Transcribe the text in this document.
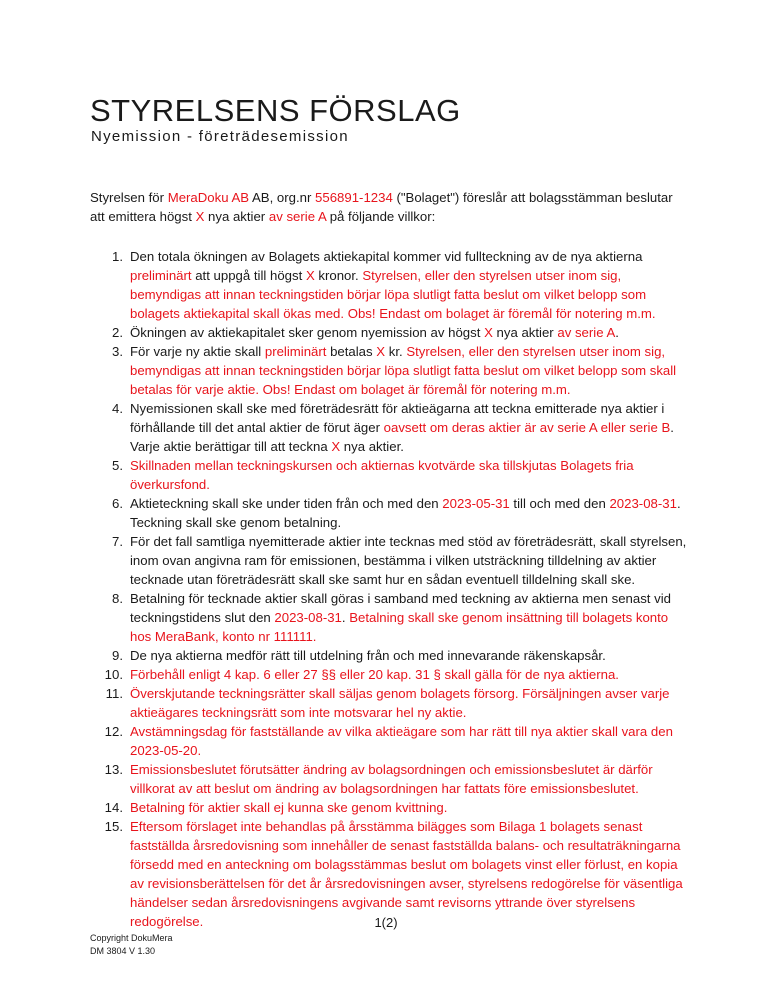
STYRELSENS FÖRSLAG
Nyemission - företrädesemission

Styrelsen för MeraDoku AB AB, org.nr 556891-1234 ("Bolaget") föreslår att bolagsstämman beslutar att emittera högst X nya aktier av serie A på följande villkor:

1. Den totala ökningen av Bolagets aktiekapital kommer vid fullteckning av de nya aktierna preliminärt att uppgå till högst X kronor. Styrelsen, eller den styrelsen utser inom sig, bemyndigas att innan teckningstiden börjar löpa slutligt fatta beslut om vilket belopp som bolagets aktiekapital skall ökas med. Obs! Endast om bolaget är föremål för notering m.m.
2. Ökningen av aktiekapitalet sker genom nyemission av högst X nya aktier av serie A.
3. För varje ny aktie skall preliminärt betalas X kr. Styrelsen, eller den styrelsen utser inom sig, bemyndigas att innan teckningstiden börjar löpa slutligt fatta beslut om vilket belopp som skall betalas för varje aktie. Obs! Endast om bolaget är föremål för notering m.m.
4. Nyemissionen skall ske med företrädesrätt för aktieägarna att teckna emitterade nya aktier i förhållande till det antal aktier de förut äger oavsett om deras aktier är av serie A eller serie B. Varje aktie berättigar till att teckna X nya aktier.
5. Skillnaden mellan teckningskursen och aktiernas kvotvärde ska tillskjutas Bolagets fria överkursfond.
6. Aktieteckning skall ske under tiden från och med den 2023-05-31 till och med den 2023-08-31. Teckning skall ske genom betalning.
7. För det fall samtliga nyemitterade aktier inte tecknas med stöd av företrädesrätt, skall styrelsen, inom ovan angivna ram för emissionen, bestämma i vilken utsträckning tilldelning av aktier tecknade utan företrädesrätt skall ske samt hur en sådan eventuell tilldelning skall ske.
8. Betalning för tecknade aktier skall göras i samband med teckning av aktierna men senast vid teckningstidens slut den 2023-08-31. Betalning skall ske genom insättning till bolagets konto hos MeraBank, konto nr 111111.
9. De nya aktierna medför rätt till utdelning från och med innevarande räkenskapsår.
10. Förbehåll enligt 4 kap. 6 eller 27 §§ eller 20 kap. 31 § skall gälla för de nya aktierna.
11. Överskjutande teckningsrätter skall säljas genom bolagets försorg. Försäljningen avser varje aktieägares teckningsrätt som inte motsvarar hel ny aktie.
12. Avstämningsdag för fastställande av vilka aktieägare som har rätt till nya aktier skall vara den 2023-05-20.
13. Emissionsbeslutet förutsätter ändring av bolagsordningen och emissionsbeslutet är därför villkorat av att beslut om ändring av bolagsordningen har fattats före emissionsbeslutet.
14. Betalning för aktier skall ej kunna ske genom kvittning.
15. Eftersom förslaget inte behandlas på årsstämma bilägges som Bilaga 1 bolagets senast fastställda årsredovisning som innehåller de senast fastställda balans- och resultaträkningarna försedd med en anteckning om bolagsstämmas beslut om bolagets vinst eller förlust, en kopia av revisionsberättelsen för det år årsredovisningen avser, styrelsens redogörelse för väsentliga händelser sedan årsredovisningens avgivande samt revisorns yttrande över styrelsens redogörelse.	1(2)
Copyright DokuMera
DM 3804 V 1.30
